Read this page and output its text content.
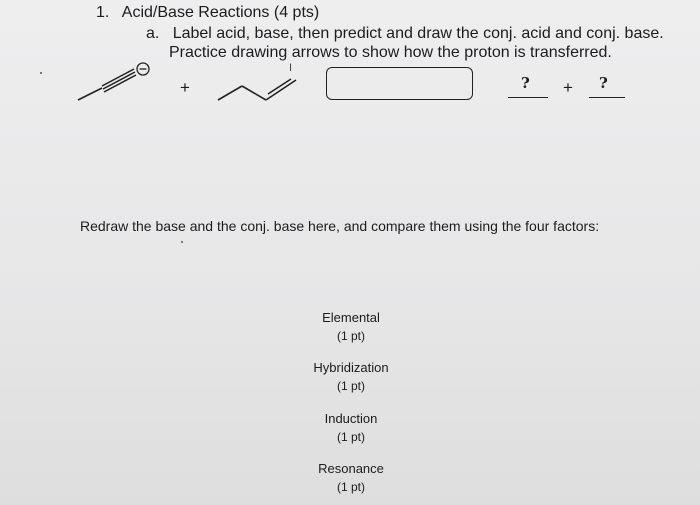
1. Acid/Base Reactions (4 pts)
a. Label acid, base, then predict and draw the conj. acid and conj. base.
Practice drawing arrows to show how the proton is transferred.
+
I
? + ?
Redraw the base and the conj. base here, and compare them using the four factors:
Elemental
(1 pt)
Hybridization
(1 pt)
Induction
(1 pt)
Resonance
(1 pt)
